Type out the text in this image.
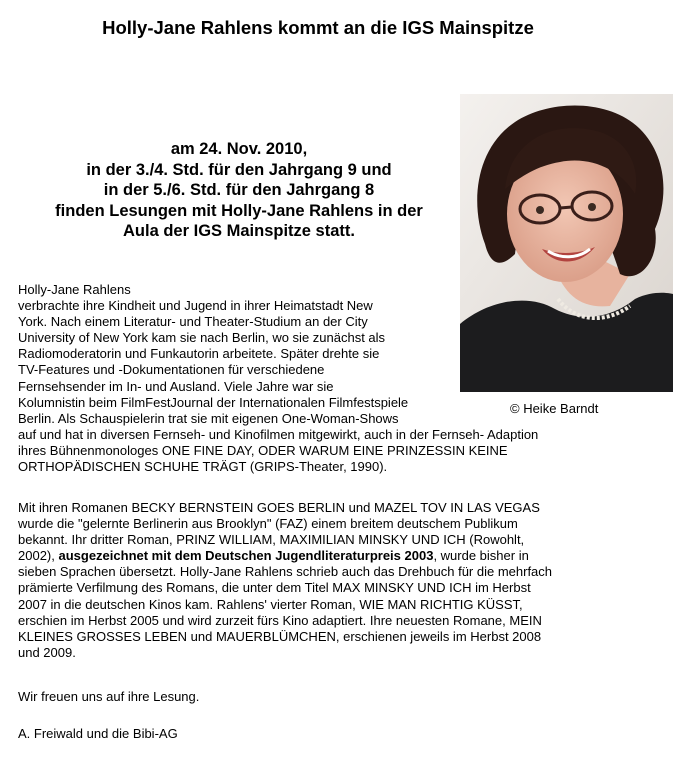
Holly-Jane Rahlens kommt an die IGS Mainspitze
am 24. Nov. 2010,
in der 3./4. Std. für den Jahrgang 9 und
in der 5./6. Std. für den Jahrgang 8
finden Lesungen mit Holly-Jane Rahlens in der
Aula der IGS Mainspitze statt.
© Heike Barndt
Holly-Jane Rahlens
verbrachte ihre Kindheit und Jugend in ihrer Heimatstadt New
York. Nach einem Literatur- und Theater-Studium an der City
University of New York kam sie nach Berlin, wo sie zunächst als
Radiomoderatorin und Funkautorin arbeitete. Später drehte sie
TV-Features und -Dokumentationen für verschiedene
Fernsehsender im In- und Ausland. Viele Jahre war sie
Kolumnistin beim FilmFestJournal der Internationalen Filmfestspiele
Berlin. Als Schauspielerin trat sie mit eigenen One-Woman-Shows
auf und hat in diversen Fernseh- und Kinofilmen mitgewirkt, auch in der Fernseh- Adaption
ihres Bühnenmonologes ONE FINE DAY, ODER WARUM EINE PRINZESSIN KEINE
ORTHOPÄDISCHEN SCHUHE TRÄGT (GRIPS-Theater, 1990).
Mit ihren Romanen BECKY BERNSTEIN GOES BERLIN und MAZEL TOV IN LAS VEGAS
wurde die "gelernte Berlinerin aus Brooklyn" (FAZ) einem breitem deutschem Publikum
bekannt. Ihr dritter Roman, PRINZ WILLIAM, MAXIMILIAN MINSKY UND ICH (Rowohlt,
2002), ausgezeichnet mit dem Deutschen Jugendliteraturpreis 2003, wurde bisher in
sieben Sprachen übersetzt. Holly-Jane Rahlens schrieb auch das Drehbuch für die mehrfach
prämierte Verfilmung des Romans, die unter dem Titel MAX MINSKY UND ICH im Herbst
2007 in die deutschen Kinos kam. Rahlens' vierter Roman, WIE MAN RICHTIG KÜSST,
erschien im Herbst 2005 und wird zurzeit fürs Kino adaptiert. Ihre neuesten Romane, MEIN
KLEINES GROSSES LEBEN und MAUERBLÜMCHEN, erschienen jeweils im Herbst 2008
und 2009.
Wir freuen uns auf ihre Lesung.
A. Freiwald und die Bibi-AG
